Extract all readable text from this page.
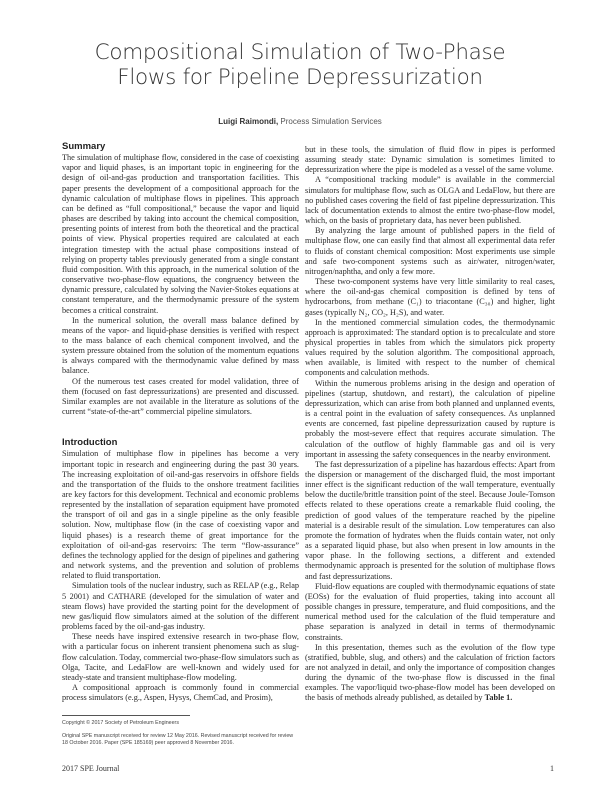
Compositional Simulation of Two-Phase
Flows for Pipeline Depressurization
Luigi Raimondi, Process Simulation Services
Summary

The simulation of multiphase flow, considered in the case of coexisting vapor and liquid phases, is an important topic in engineering for the design of oil-and-gas production and transportation facilities. This paper presents the development of a compositional approach for the dynamic calculation of multiphase flows in pipelines. This approach can be defined as “full compositional,” because the vapor and liquid phases are described by taking into account the chemical composition, presenting points of interest from both the theoretical and the practical points of view. Physical properties required are calculated at each integration timestep with the actual phase compositions instead of relying on property tables previously generated from a single constant fluid composition. With this approach, in the numerical solution of the conservative two-phase-flow equations, the congruency between the dynamic pressure, calculated by solving the Navier-Stokes equations at constant temperature, and the thermodynamic pressure of the system becomes a critical constraint.

In the numerical solution, the overall mass balance defined by means of the vapor- and liquid-phase densities is verified with respect to the mass balance of each chemical component involved, and the system pressure obtained from the solution of the momentum equations is always compared with the thermodynamic value defined by mass balance.

Of the numerous test cases created for model validation, three of them (focused on fast depressurizations) are presented and discussed. Similar examples are not available in the literature as solutions of the current “state-of-the-art” commercial pipeline simulators.

Introduction

Simulation of multiphase flow in pipelines has become a very important topic in research and engineering during the past 30 years. The increasing exploitation of oil-and-gas reservoirs in offshore fields and the transportation of the fluids to the onshore treatment facilities are key factors for this development. Technical and economic problems represented by the installation of separation equipment have promoted the transport of oil and gas in a single pipeline as the only feasible solution. Now, multiphase flow (in the case of coexisting vapor and liquid phases) is a research theme of great importance for the exploitation of oil-and-gas reservoirs: The term “flow-assurance” defines the technology applied for the design of pipelines and gathering and network systems, and the prevention and solution of problems related to fluid transportation.

Simulation tools of the nuclear industry, such as RELAP (e.g., Relap 5 2001) and CATHARE (developed for the simulation of water and steam flows) have provided the starting point for the development of new gas/liquid flow simulators aimed at the solution of the different problems faced by the oil-and-gas industry.

These needs have inspired extensive research in two-phase flow, with a particular focus on inherent transient phenomena such as slug-flow calculation. Today, commercial two-phase-flow simulators such as Olga, Tacite, and LedaFlow are well-known and widely used for steady-state and transient multiphase-flow modeling.

A compositional approach is commonly found in commercial process simulators (e.g., Aspen, Hysys, ChemCad, and Prosim),

but in these tools, the simulation of fluid flow in pipes is performed assuming steady state: Dynamic simulation is sometimes limited to depressurization where the pipe is modeled as a vessel of the same volume.

A “compositional tracking module” is available in the commercial simulators for multiphase flow, such as OLGA and LedaFlow, but there are no published cases covering the field of fast pipeline depressurization. This lack of documentation extends to almost the entire two-phase-flow model, which, on the basis of proprietary data, has never been published.

By analyzing the large amount of published papers in the field of multiphase flow, one can easily find that almost all experimental data refer to fluids of constant chemical composition: Most experiments use simple and safe two-component systems such as air/water, nitrogen/water, nitrogen/naphtha, and only a few more.

These two-component systems have very little similarity to real cases, where the oil-and-gas chemical composition is defined by tens of hydrocarbons, from methane (C₁) to triacontane (C₃₀) and higher, light gases (typically N₂, CO₂, H₂S), and water.

In the mentioned commercial simulation codes, the thermodynamic approach is approximated: The standard option is to precalculate and store physical properties in tables from which the simulators pick property values required by the solution algorithm. The compositional approach, when available, is limited with respect to the number of chemical components and calculation methods.

Within the numerous problems arising in the design and operation of pipelines (startup, shutdown, and restart), the calculation of pipeline depressurization, which can arise from both planned and unplanned events, is a central point in the evaluation of safety consequences. As unplanned events are concerned, fast pipeline depressurization caused by rupture is probably the most-severe effect that requires accurate simulation. The calculation of the outflow of highly flammable gas and oil is very important in assessing the safety consequences in the nearby environment.

The fast depressurization of a pipeline has hazardous effects: Apart from the dispersion or management of the discharged fluid, the most important inner effect is the significant reduction of the wall temperature, eventually below the ductile/brittle transition point of the steel. Because Joule-Tomson effects related to these operations create a remarkable fluid cooling, the prediction of good values of the temperature reached by the pipeline material is a desirable result of the simulation. Low temperatures can also promote the formation of hydrates when the fluids contain water, not only as a separated liquid phase, but also when present in low amounts in the vapor phase. In the following sections, a different and extended thermodynamic approach is presented for the solution of multiphase flows and fast depressurizations.

Fluid-flow equations are coupled with thermodynamic equations of state (EOSs) for the evaluation of fluid properties, taking into account all possible changes in pressure, temperature, and fluid compositions, and the numerical method used for the calculation of the fluid temperature and phase separation is analyzed in detail in terms of thermodynamic constraints.

In this presentation, themes such as the evolution of the flow type (stratified, bubble, slug, and others) and the calculation of friction factors are not analyzed in detail, and only the importance of composition changes during the dynamic of the two-phase flow is discussed in the final examples. The vapor/liquid two-phase-flow model has been developed on the basis of methods already published, as detailed by Table 1.

Copyright © 2017 Society of Petroleum Engineers
Original SPE manuscript received for review 12 May 2016. Revised manuscript received for review 18 October 2016. Paper (SPE 185169) peer approved 8 November 2016.
2017 SPE Journal	1
